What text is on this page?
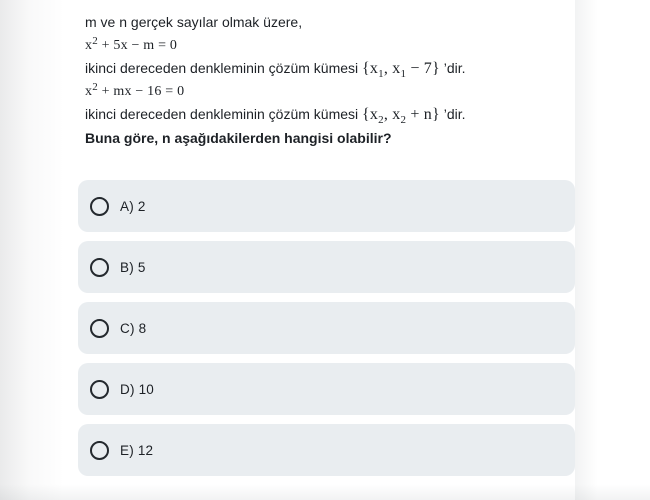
m ve n gerçek sayılar olmak üzere,

$x^2 + 5x - m = 0$

ikinci dereceden denkleminin çözüm kümesi {$x_1$, $x_1 - 7$} ’dir.

$x^2$ + mx − 16 = 0

ikinci dereceden denkleminin çözüm kümesi {$x_2$, $x_2 + n$} ’dir.

Buna göre, n aşağıdakilerden hangisi olabilir?

A) 2
B) 5
C) 8
D) 10
E) 12
